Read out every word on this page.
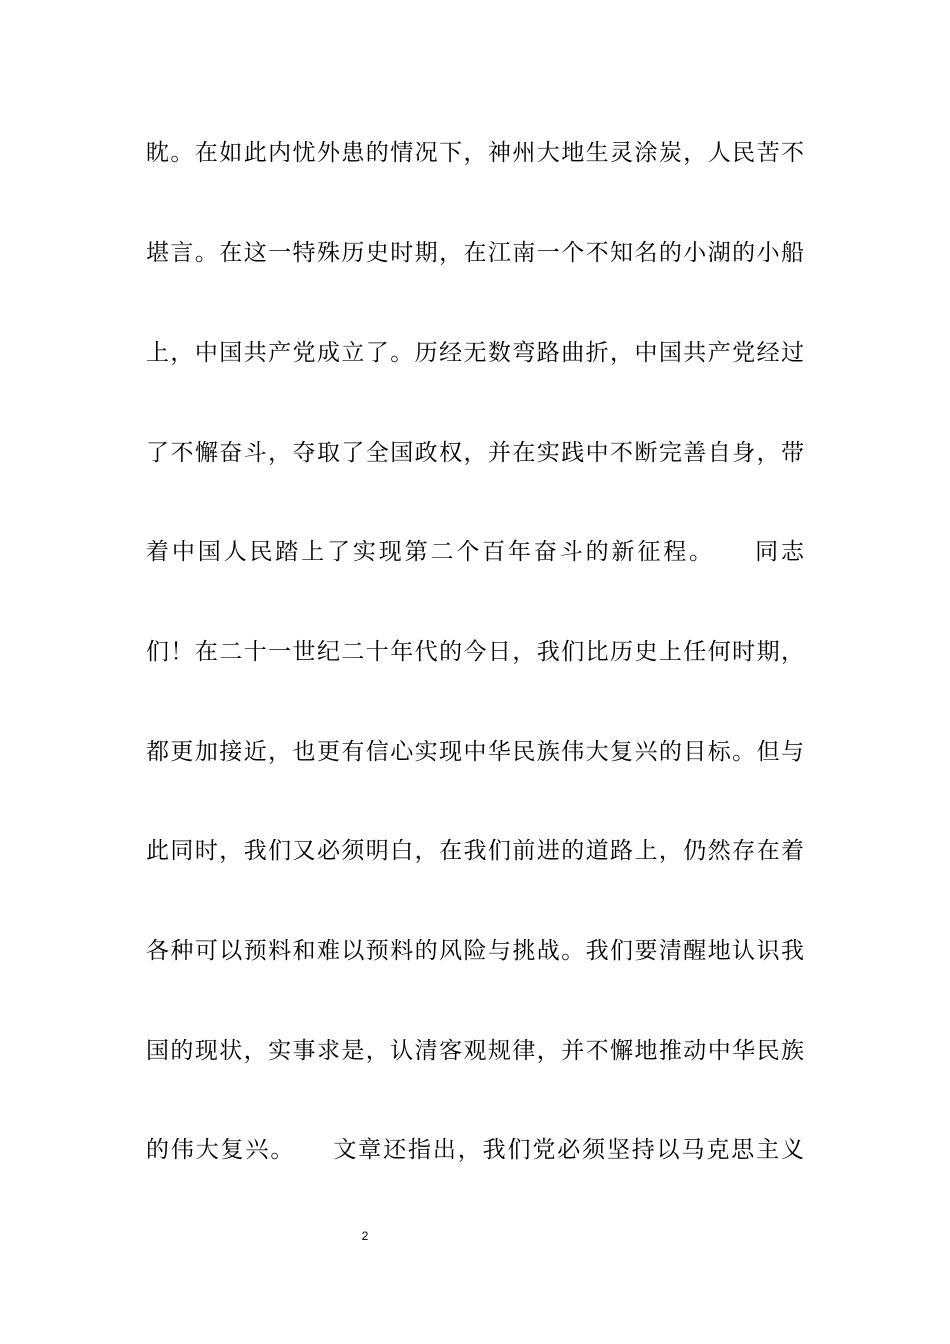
眈。在如此内忧外患的情况下，神州大地生灵涂炭，人民苦不
堪言。在这一特殊历史时期，在江南一个不知名的小湖的小船
上，中国共产党成立了。历经无数弯路曲折，中国共产党经过
了不懈奋斗，夺取了全国政权，并在实践中不断完善自身，带
着中国人民踏上了实现第二个百年奋斗的新征程。　　同志
们！在二十一世纪二十年代的今日，我们比历史上任何时期，
都更加接近，也更有信心实现中华民族伟大复兴的目标。但与
此同时，我们又必须明白，在我们前进的道路上，仍然存在着
各种可以预料和难以预料的风险与挑战。我们要清醒地认识我
国的现状，实事求是，认清客观规律，并不懈地推动中华民族
的伟大复兴。　　文章还指出，我们党必须坚持以马克思主义
2
